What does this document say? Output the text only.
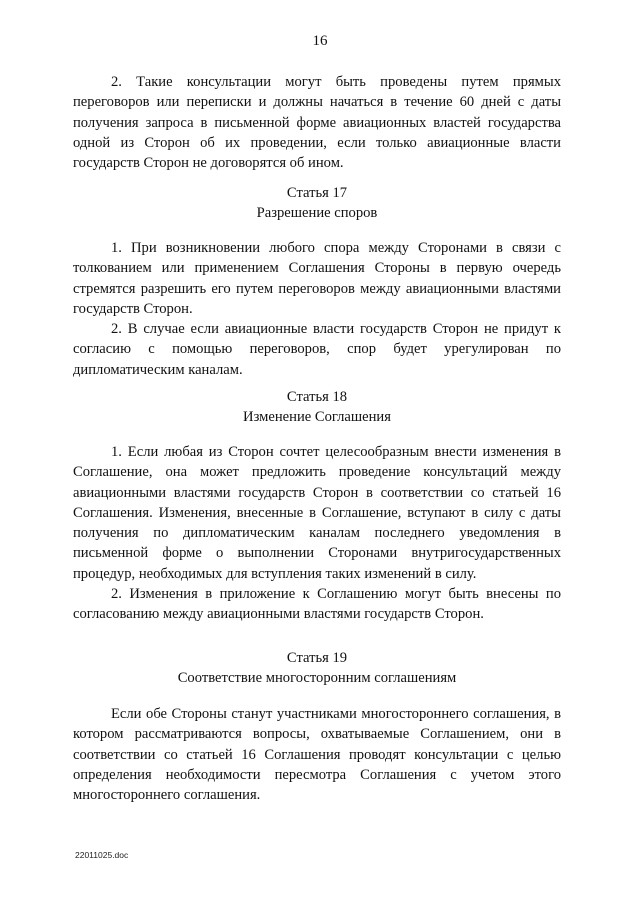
16

2. Такие консультации могут быть проведены путем прямых переговоров или переписки и должны начаться в течение 60 дней с даты получения запроса в письменной форме авиационных властей государства одной из Сторон об их проведении, если только авиационные власти государств Сторон не договорятся об ином.

Статья 17

Разрешение споров

1. При возникновении любого спора между Сторонами в связи с толкованием или применением Соглашения Стороны в первую очередь стремятся разрешить его путем переговоров между авиационными властями государств Сторон.

2. В случае если авиационные власти государств Сторон не придут к согласию с помощью переговоров, спор будет урегулирован по дипломатическим каналам.

Статья 18

Изменение Соглашения

1. Если любая из Сторон сочтет целесообразным внести изменения в Соглашение, она может предложить проведение консультаций между авиационными властями государств Сторон в соответствии со статьей 16 Соглашения. Изменения, внесенные в Соглашение, вступают в силу с даты получения по дипломатическим каналам последнего уведомления в письменной форме о выполнении Сторонами внутригосударственных процедур, необходимых для вступления таких изменений в силу.

2. Изменения в приложение к Соглашению могут быть внесены по согласованию между авиационными властями государств Сторон.

Статья 19

Соответствие многосторонним соглашениям

Если обе Стороны станут участниками многостороннего соглашения, в котором рассматриваются вопросы, охватываемые Соглашением, они в соответствии со статьей 16 Соглашения проводят консультации с целью определения необходимости пересмотра Соглашения с учетом этого многостороннего соглашения.

22011025.doc
